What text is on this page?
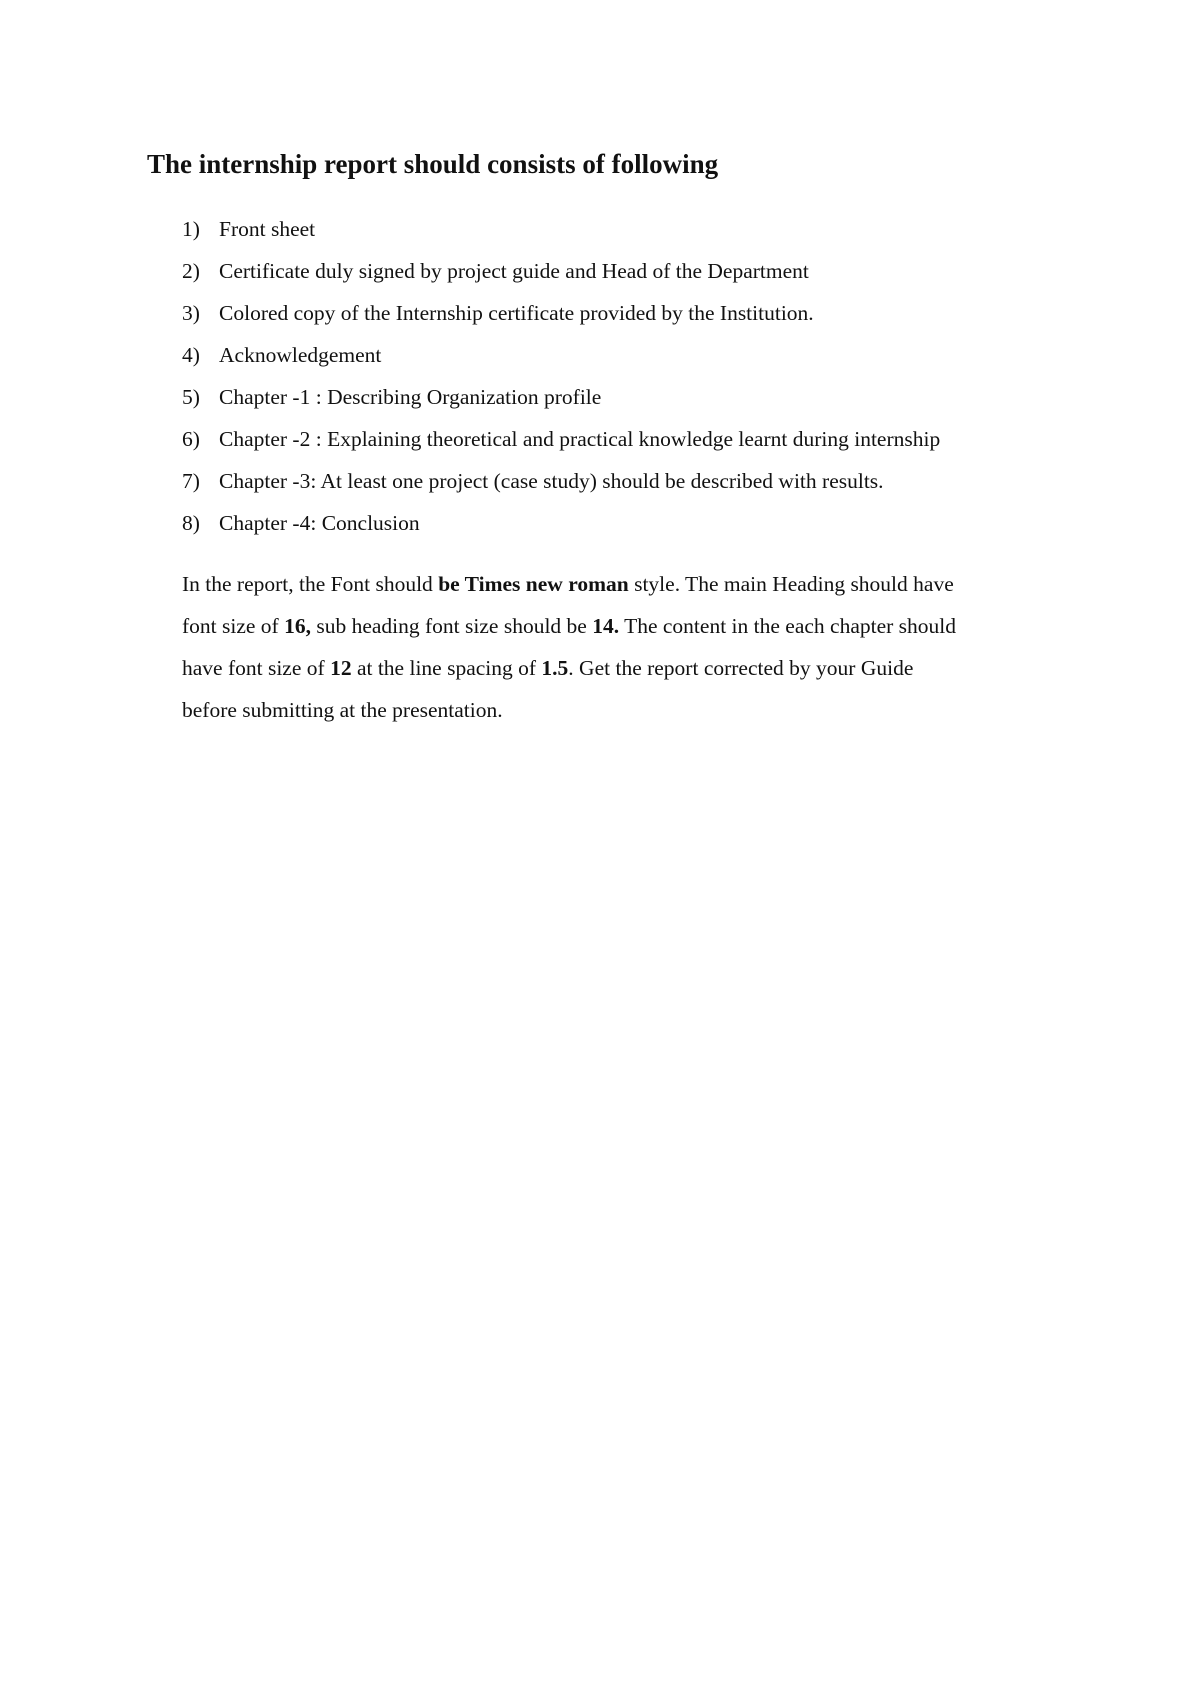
The internship report should consists of following
1) Front sheet
2) Certificate duly signed by project guide and Head of the Department
3) Colored copy of the Internship certificate provided by the Institution.
4) Acknowledgement
5) Chapter -1 : Describing Organization profile
6) Chapter -2 : Explaining theoretical and practical knowledge learnt during internship
7) Chapter -3: At least one project (case study) should be described with results.
8) Chapter -4: Conclusion

In the report, the Font should be Times new roman style. The main Heading should have
font size of 16, sub heading font size should be 14. The content in the each chapter should
have font size of 12 at the line spacing of 1.5. Get the report corrected by your Guide
before submitting at the presentation.
